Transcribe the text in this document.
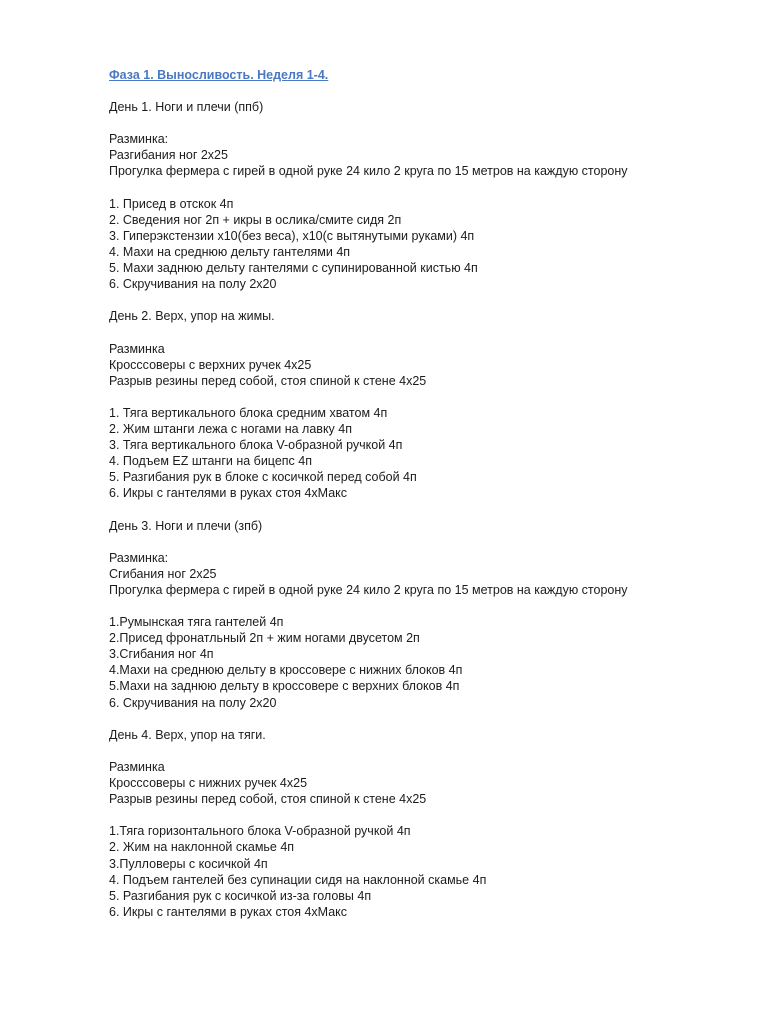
Фаза 1. Выносливость. Неделя 1-4.
День 1. Ноги и плечи (ппб)
Разминка:
Разгибания ног 2х25
Прогулка фермера с гирей в одной руке 24 кило 2 круга по 15 метров на каждую сторону
1. Присед в отскок 4п
2. Сведения ног 2п + икры в ослика/смите сидя 2п
3. Гиперэкстензии х10(без веса), х10(с вытянутыми руками) 4п
4. Махи на среднюю дельту гантелями 4п
5. Махи заднюю дельту гантелями с супинированной кистью 4п
6. Скручивания на полу 2х20
День 2. Верх, упор на жимы.
Разминка
Кросссоверы с верхних ручек 4х25
Разрыв резины перед собой, стоя спиной к стене 4х25
1. Тяга вертикального блока средним хватом 4п
2. Жим штанги лежа с ногами на лавку 4п
3. Тяга вертикального блока V-образной ручкой 4п
4. Подъем EZ штанги на бицепс 4п
5. Разгибания рук в блоке с косичкой перед собой 4п
6. Икры с гантелями в руках стоя 4хМакс
День 3. Ноги и плечи (зпб)
Разминка:
Сгибания ног 2х25
Прогулка фермера с гирей в одной руке 24 кило 2 круга по 15 метров на каждую сторону
1.Румынская тяга гантелей 4п
2.Присед фронатльный 2п + жим ногами двусетом 2п
3.Сгибания ног 4п
4.Махи на среднюю дельту в кроссовере с нижних блоков 4п
5.Махи на заднюю дельту в кроссовере с верхних блоков 4п
6. Скручивания на полу 2х20
День 4. Верх, упор на тяги.
Разминка
Кросссоверы с нижних ручек 4х25
Разрыв резины перед собой, стоя спиной к стене 4х25
1.Тяга горизонтального блока V-образной ручкой 4п
2. Жим на наклонной скамье 4п
3.Пулловеры с косичкой 4п
4. Подъем гантелей без супинации сидя на наклонной скамье 4п
5. Разгибания рук с косичкой из-за головы 4п
6. Икры с гантелями в руках стоя 4хМакс
